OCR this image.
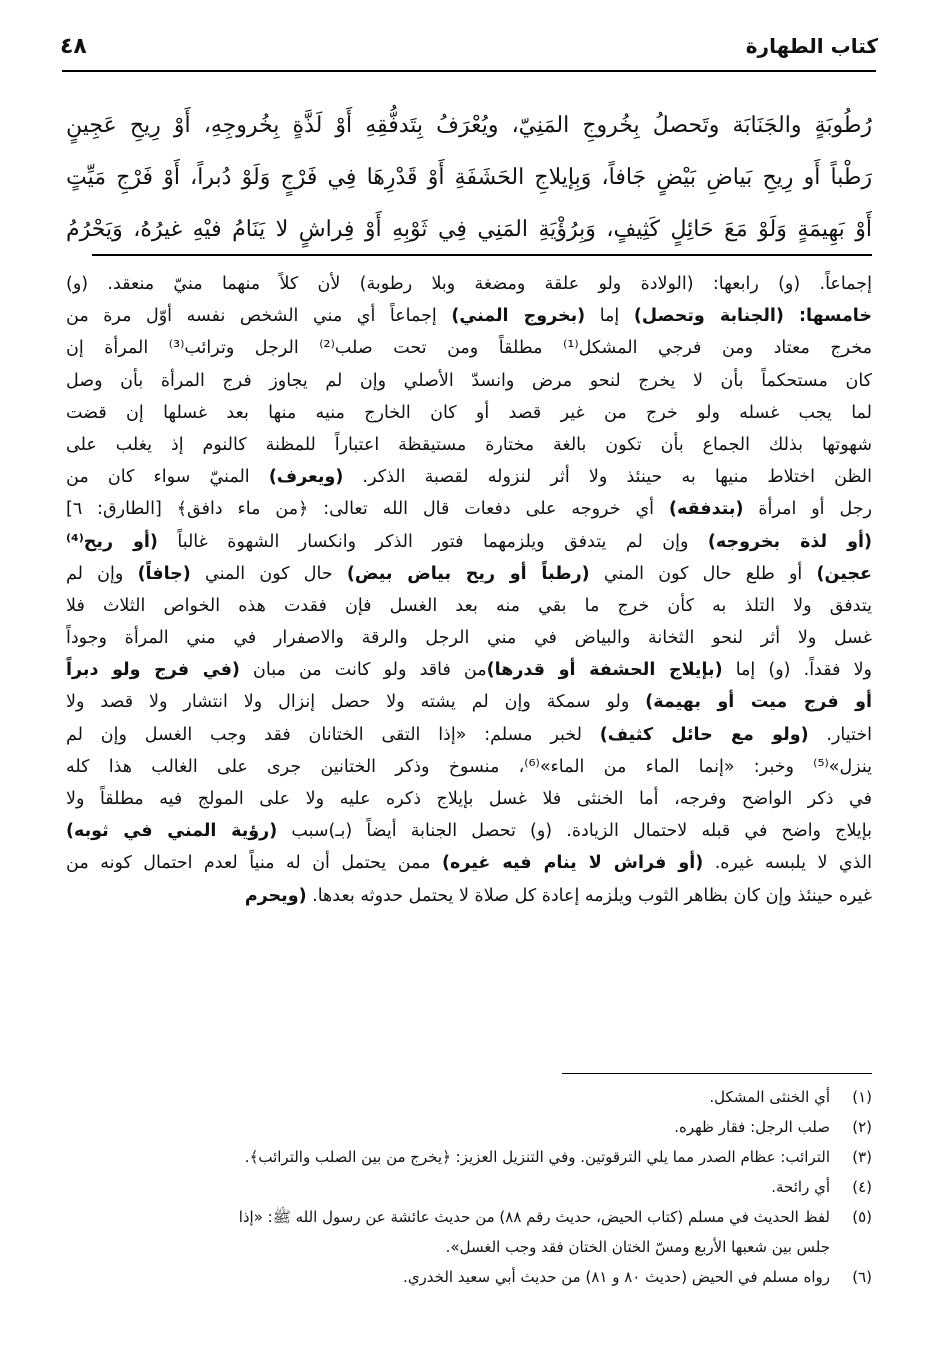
٤٨	كتاب الطهارة
رُطُوبَةٍ والجَنَابَة وتَحصلُ بِخُروجِ المَنِيّ، ويُعْرَفُ بِتَدفُّقِهِ أَوْ لَذَّةٍ بِخُروجِهِ، أَوْ رِيحِ عَجِينٍ
رَطْباً أَو رِيحِ بَياضِ بَيْضٍ جَافاً، وَبِإيلاجِ الحَشَفَةِ أَوْ قَدْرِهَا فِي فَرْجٍ وَلَوْ دُبراً، أَوْ فَرْجِ مَيِّتٍ
أَوْ بَهِيمَةٍ وَلَوْ مَعَ حَائِلٍ كَثِيفٍ، وَبِرُؤْيَةِ المَنِي فِي ثَوْبِهِ أَوْ فِراشٍ لا يَنَامُ فيْهِ غيرُهُ، وَيَحْرُمُ
إجماعاً. (و) رابعها: (الولادة ولو علقة ومضغة وبلا رطوبة) لأن كلاً منهما منيّ منعقد. (و)
خامسها: (الجنابة وتحصل) إما (بخروج المني) إجماعاً أي مني الشخص نفسه أوّل مرة من
مخرج معتاد ومن فرجي المشكل⁽¹⁾ مطلقاً ومن تحت صلب⁽²⁾ الرجل وترائب⁽³⁾ المرأة إن
كان مستحكماً بأن لا يخرج لنحو مرض وانسدّ الأصلي وإن لم يجاوز فرج المرأة بأن وصل
لما يجب غسله ولو خرج من غير قصد أو كان الخارج منيه منها بعد غسلها إن قضت
شهوتها بذلك الجماع بأن تكون بالغة مختارة مستيقظة اعتباراً للمظنة كالنوم إذ يغلب على
الظن اختلاط منيها به حينئذ ولا أثر لنزوله لقصبة الذكر. (ويعرف) المنيّ سواء كان من
رجل أو امرأة (بتدفقه) أي خروجه على دفعات قال الله تعالى: ﴿من ماء دافق﴾ [الطارق: ٦]
(أو لذة بخروجه) وإن لم يتدفق ويلزمهما فتور الذكر وانكسار الشهوة غالباً (أو ريح⁽⁴⁾
عجين) أو طلع حال كون المني (رطباً أو ريح بياض بيض) حال كون المني (جافاً) وإن لم
يتدفق ولا التلذ به كأن خرج ما بقي منه بعد الغسل فإن فقدت هذه الخواص الثلاث فلا
غسل ولا أثر لنحو الثخانة والبياض في مني الرجل والرقة والاصفرار في مني المرأة وجوداً
ولا فقداً. (و) إما (بإيلاج الحشفة أو قدرها)من فاقد ولو كانت من مبان (في فرج ولو دبراً
أو فرج ميت أو بهيمة) ولو سمكة وإن لم يشته ولا حصل إنزال ولا انتشار ولا قصد ولا
اختيار. (ولو مع حائل كثيف) لخبر مسلم: «إذا التقى الختانان فقد وجب الغسل وإن لم
ينزل»⁽⁵⁾ وخبر: «إنما الماء من الماء»⁽⁶⁾، منسوخ وذكر الختانين جرى على الغالب هذا كله
في ذكر الواضح وفرجه، أما الخنثى فلا غسل بإيلاج ذكره عليه ولا على المولج فيه مطلقاً ولا
بإيلاج واضح في قبله لاحتمال الزيادة. (و) تحصل الجنابة أيضاً (بـ)سبب (رؤية المني في ثوبه)
الذي لا يلبسه غيره. (أو فراش لا ينام فيه غيره) ممن يحتمل أن له منياً لعدم احتمال كونه من
غيره حينئذ وإن كان بظاهر الثوب ويلزمه إعادة كل صلاة لا يحتمل حدوثه بعدها. (ويحرم
(١)
أي الخنثى المشكل.
(٢)
صلب الرجل: فقار ظهره.
(٣)
الترائب: عظام الصدر مما يلي الترقوتين. وفي التنزيل العزيز: ﴿يخرج من بين الصلب والترائب﴾.
(٤)
أي رائحة.
(٥)
لفظ الحديث في مسلم (كتاب الحيض، حديث رقم ٨٨) من حديث عائشة عن رسول الله ﷺ: «إذا
جلس بين شعبها الأربع ومسّ الختان الختان فقد وجب الغسل».
(٦)
رواه مسلم في الحيض (حديث ٨٠ و ٨١) من حديث أبي سعيد الخدري.
